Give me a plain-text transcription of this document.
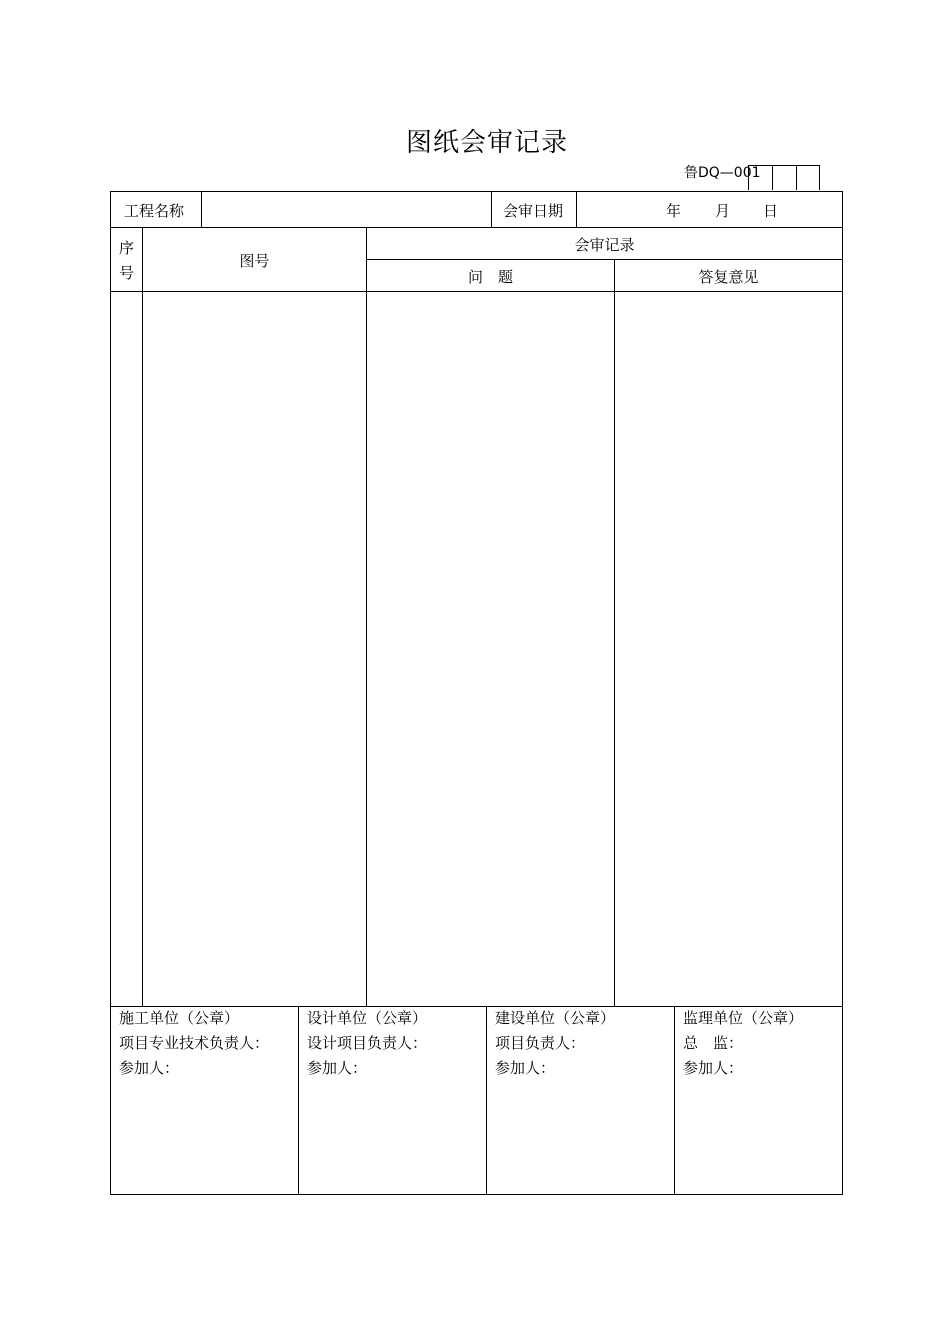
图纸会审记录
鲁DQ—001
工程名称	会审日期	年 月 日
序
号
图号
会审记录
问　题	答复意见
施工单位（公章）
项目专业技术负责人：
参加人：
设计单位（公章）
设计项目负责人：
参加人：
建设单位（公章）
项目负责人：
参加人：
监理单位（公章）
总　监：
参加人：
